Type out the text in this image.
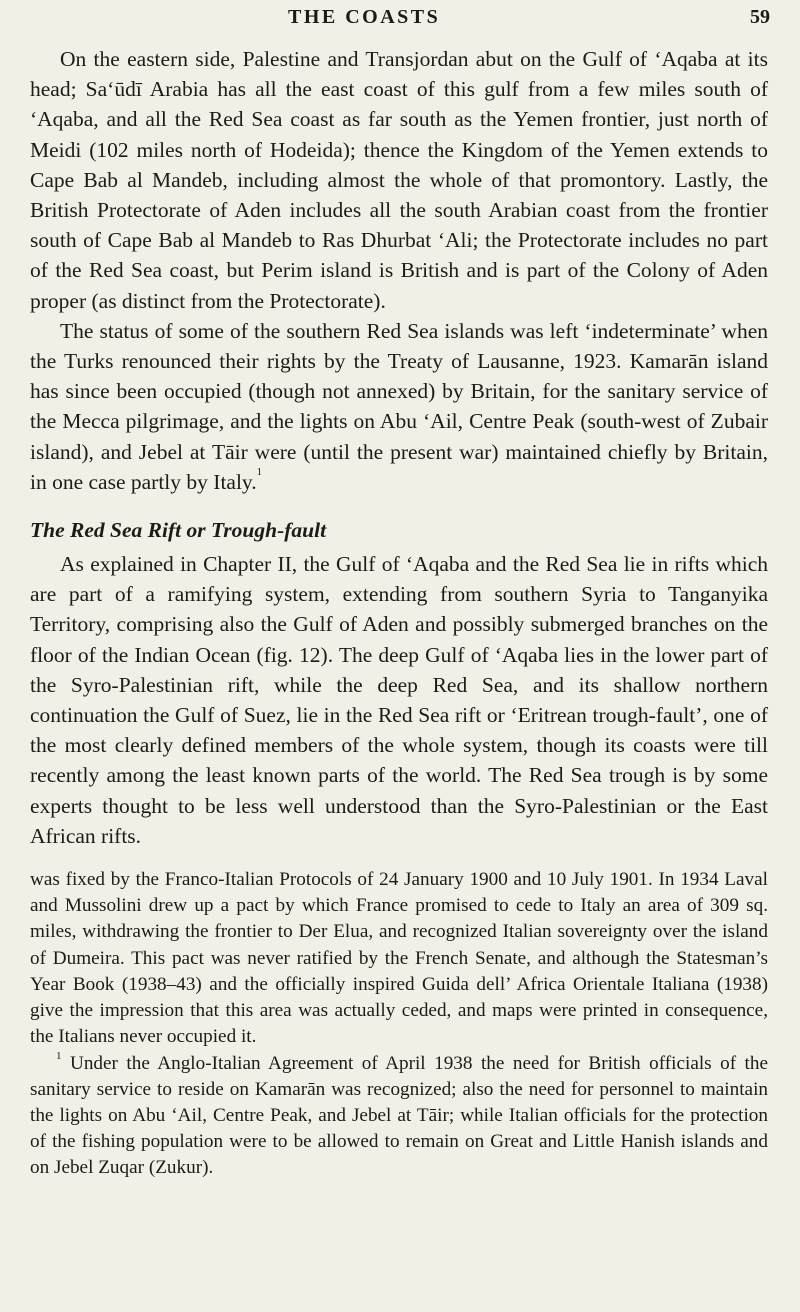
THE COASTS	59

On the eastern side, Palestine and Transjordan abut on the Gulf of ‘Aqaba at its head; Sa‘ūdī Arabia has all the east coast of this gulf from a few miles south of ‘Aqaba, and all the Red Sea coast as far south as the Yemen frontier, just north of Meidi (102 miles north of Hodeida); thence the Kingdom of the Yemen extends to Cape Bab al Mandeb, including almost the whole of that promontory. Lastly, the British Protectorate of Aden includes all the south Arabian coast from the frontier south of Cape Bab al Mandeb to Ras Dhurbat ‘Ali; the Protectorate includes no part of the Red Sea coast, but Perim island is British and is part of the Colony of Aden proper (as distinct from the Protectorate).

The status of some of the southern Red Sea islands was left ‘indeterminate’ when the Turks renounced their rights by the Treaty of Lausanne, 1923. Kamarān island has since been occupied (though not annexed) by Britain, for the sanitary service of the Mecca pilgrimage, and the lights on Abu ‘Ail, Centre Peak (south-west of Zubair island), and Jebel at Tāir were (until the present war) maintained chiefly by Britain, in one case partly by Italy.$^1$

The Red Sea Rift or Trough-fault

As explained in Chapter II, the Gulf of ‘Aqaba and the Red Sea lie in rifts which are part of a ramifying system, extending from southern Syria to Tanganyika Territory, comprising also the Gulf of Aden and possibly submerged branches on the floor of the Indian Ocean (fig. 12). The deep Gulf of ‘Aqaba lies in the lower part of the Syro-Palestinian rift, while the deep Red Sea, and its shallow northern continuation the Gulf of Suez, lie in the Red Sea rift or ‘Eritrean trough-fault’, one of the most clearly defined members of the whole system, though its coasts were till recently among the least known parts of the world. The Red Sea trough is by some experts thought to be less well understood than the Syro-Palestinian or the East African rifts.

was fixed by the Franco-Italian Protocols of 24 January 1900 and 10 July 1901. In 1934 Laval and Mussolini drew up a pact by which France promised to cede to Italy an area of 309 sq. miles, withdrawing the frontier to Der Elua, and recognized Italian sovereignty over the island of Dumeira. This pact was never ratified by the French Senate, and although the Statesman’s Year Book (1938–43) and the officially inspired Guida dell’ Africa Orientale Italiana (1938) give the impression that this area was actually ceded, and maps were printed in consequence, the Italians never occupied it.

$^1$ Under the Anglo-Italian Agreement of April 1938 the need for British officials of the sanitary service to reside on Kamarān was recognized; also the need for personnel to maintain the lights on Abu ‘Ail, Centre Peak, and Jebel at Tāir; while Italian officials for the protection of the fishing population were to be allowed to remain on Great and Little Hanish islands and on Jebel Zuqar (Zukur).
